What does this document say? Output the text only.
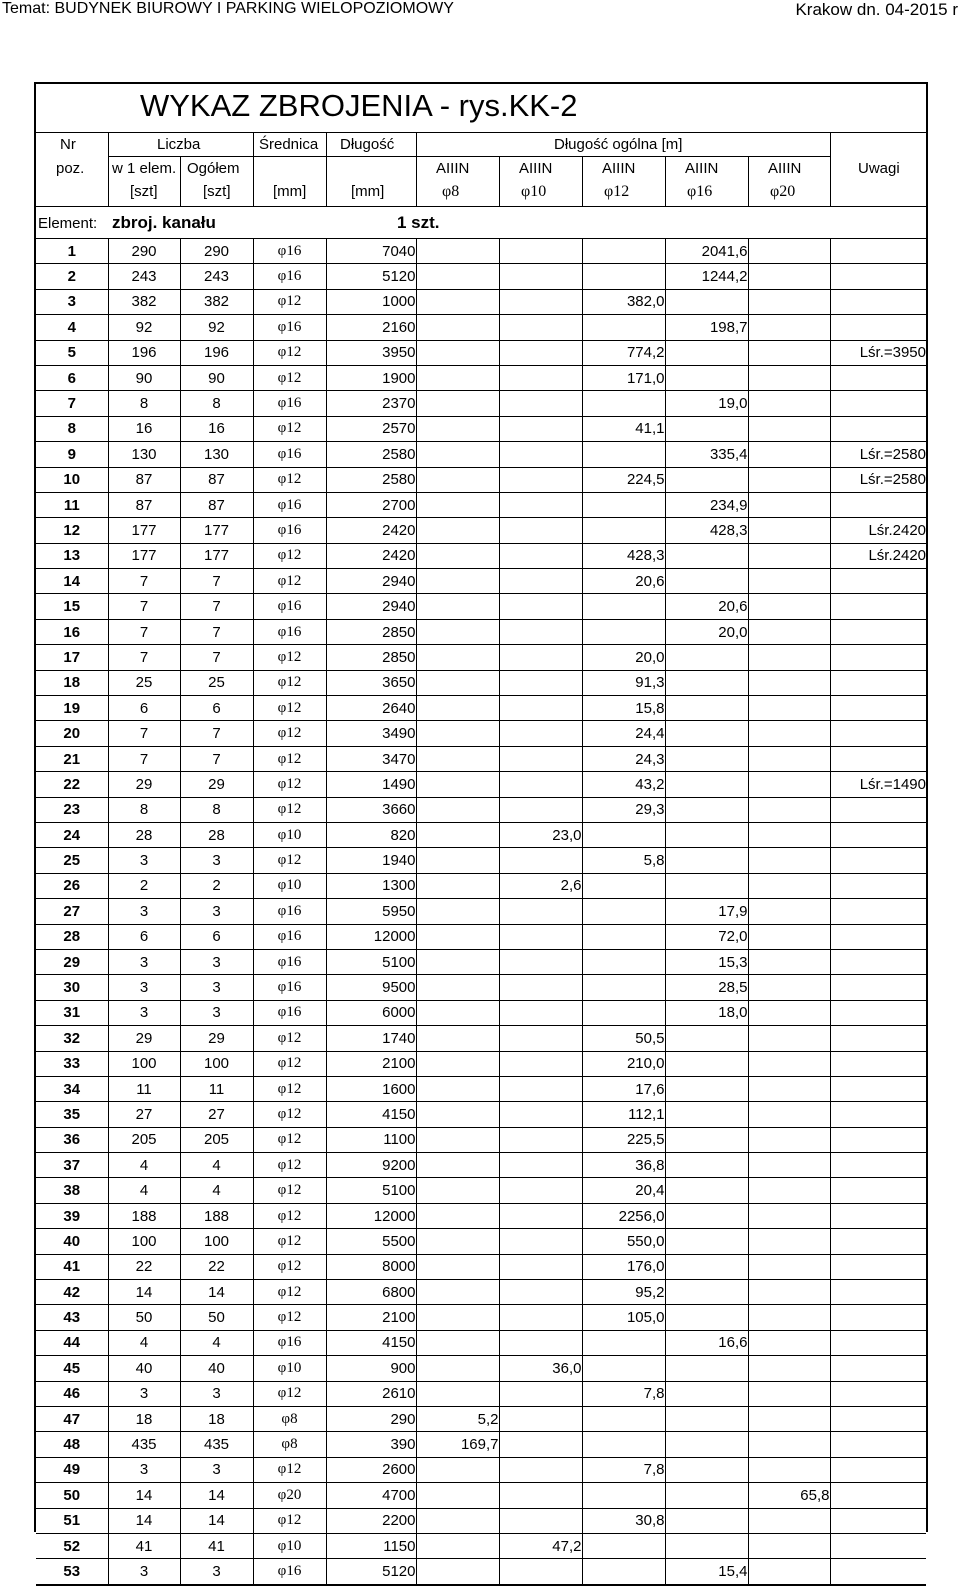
Temat: BUDYNEK BIUROWY I PARKING WIELOPOZIOMOWY	Krakow dn. 04-2015 r
WYKAZ ZBROJENIA - rys.KK-2
Nr
poz.
Liczba
w 1 elem. Ogółem
[szt]	[szt]
Średnica
[mm]
Długość
[mm]
Długość ogólna [m]
AIIIN	AIIIN	AIIIN	AIIIN	AIIIN
φ8	φ10	φ12	φ16	φ20
Uwagi
Element: zbroj. kanału	1 szt.
1	290	290	φ16	7040				2041,6		
2	243	243	φ16	5120				1244,2		
3	382	382	φ12	1000			382,0			
4	92	92	φ16	2160				198,7		
5	196	196	φ12	3950			774,2			Lśr.=3950
6	90	90	φ12	1900			171,0			
7	8	8	φ16	2370				19,0		
8	16	16	φ12	2570			41,1			
9	130	130	φ16	2580				335,4		Lśr.=2580
10	87	87	φ12	2580			224,5			Lśr.=2580
11	87	87	φ16	2700				234,9		
12	177	177	φ16	2420				428,3		Lśr.2420
13	177	177	φ12	2420			428,3			Lśr.2420
14	7	7	φ12	2940			20,6			
15	7	7	φ16	2940				20,6		
16	7	7	φ16	2850				20,0		
17	7	7	φ12	2850			20,0			
18	25	25	φ12	3650			91,3			
19	6	6	φ12	2640			15,8			
20	7	7	φ12	3490			24,4			
21	7	7	φ12	3470			24,3			
22	29	29	φ12	1490			43,2			Lśr.=1490
23	8	8	φ12	3660			29,3			
24	28	28	φ10	820		23,0				
25	3	3	φ12	1940			5,8			
26	2	2	φ10	1300		2,6				
27	3	3	φ16	5950				17,9		
28	6	6	φ16	12000				72,0		
29	3	3	φ16	5100				15,3		
30	3	3	φ16	9500				28,5		
31	3	3	φ16	6000				18,0		
32	29	29	φ12	1740			50,5			
33	100	100	φ12	2100			210,0			
34	11	11	φ12	1600			17,6			
35	27	27	φ12	4150			112,1			
36	205	205	φ12	1100			225,5			
37	4	4	φ12	9200			36,8			
38	4	4	φ12	5100			20,4			
39	188	188	φ12	12000			2256,0			
40	100	100	φ12	5500			550,0			
41	22	22	φ12	8000			176,0			
42	14	14	φ12	6800			95,2			
43	50	50	φ12	2100			105,0			
44	4	4	φ16	4150				16,6		
45	40	40	φ10	900		36,0				
46	3	3	φ12	2610			7,8			
47	18	18	φ8	290	5,2					
48	435	435	φ8	390	169,7					
49	3	3	φ12	2600			7,8			
50	14	14	φ20	4700					65,8	
51	14	14	φ12	2200			30,8			
52	41	41	φ10	1150		47,2				
53	3	3	φ16	5120				15,4		
